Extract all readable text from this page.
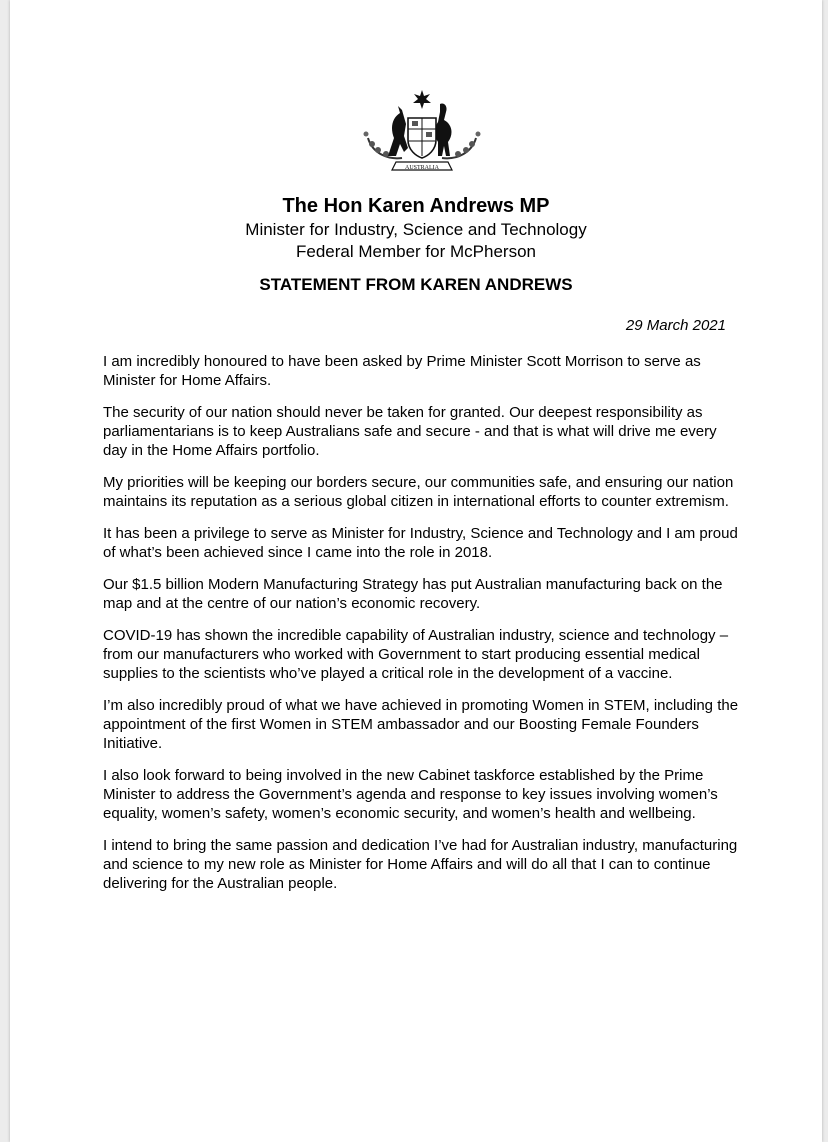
AUSTRALIA
The Hon Karen Andrews MP
Minister for Industry, Science and Technology
Federal Member for McPherson
STATEMENT FROM KAREN ANDREWS
29 March 2021

I am incredibly honoured to have been asked by Prime Minister Scott Morrison to serve as Minister for Home Affairs.

The security of our nation should never be taken for granted. Our deepest responsibility as parliamentarians is to keep Australians safe and secure - and that is what will drive me every day in the Home Affairs portfolio.

My priorities will be keeping our borders secure, our communities safe, and ensuring our nation maintains its reputation as a serious global citizen in international efforts to counter extremism.

It has been a privilege to serve as Minister for Industry, Science and Technology and I am proud of what’s been achieved since I came into the role in 2018.

Our $1.5 billion Modern Manufacturing Strategy has put Australian manufacturing back on the map and at the centre of our nation’s economic recovery.

COVID-19 has shown the incredible capability of Australian industry, science and technology – from our manufacturers who worked with Government to start producing essential medical supplies to the scientists who’ve played a critical role in the development of a vaccine.

I’m also incredibly proud of what we have achieved in promoting Women in STEM, including the appointment of the first Women in STEM ambassador and our Boosting Female Founders Initiative.

I also look forward to being involved in the new Cabinet taskforce established by the Prime Minister to address the Government’s agenda and response to key issues involving women’s equality, women’s safety, women’s economic security, and women’s health and wellbeing.

I intend to bring the same passion and dedication I’ve had for Australian industry, manufacturing and science to my new role as Minister for Home Affairs and will do all that I can to continue delivering for the Australian people.
